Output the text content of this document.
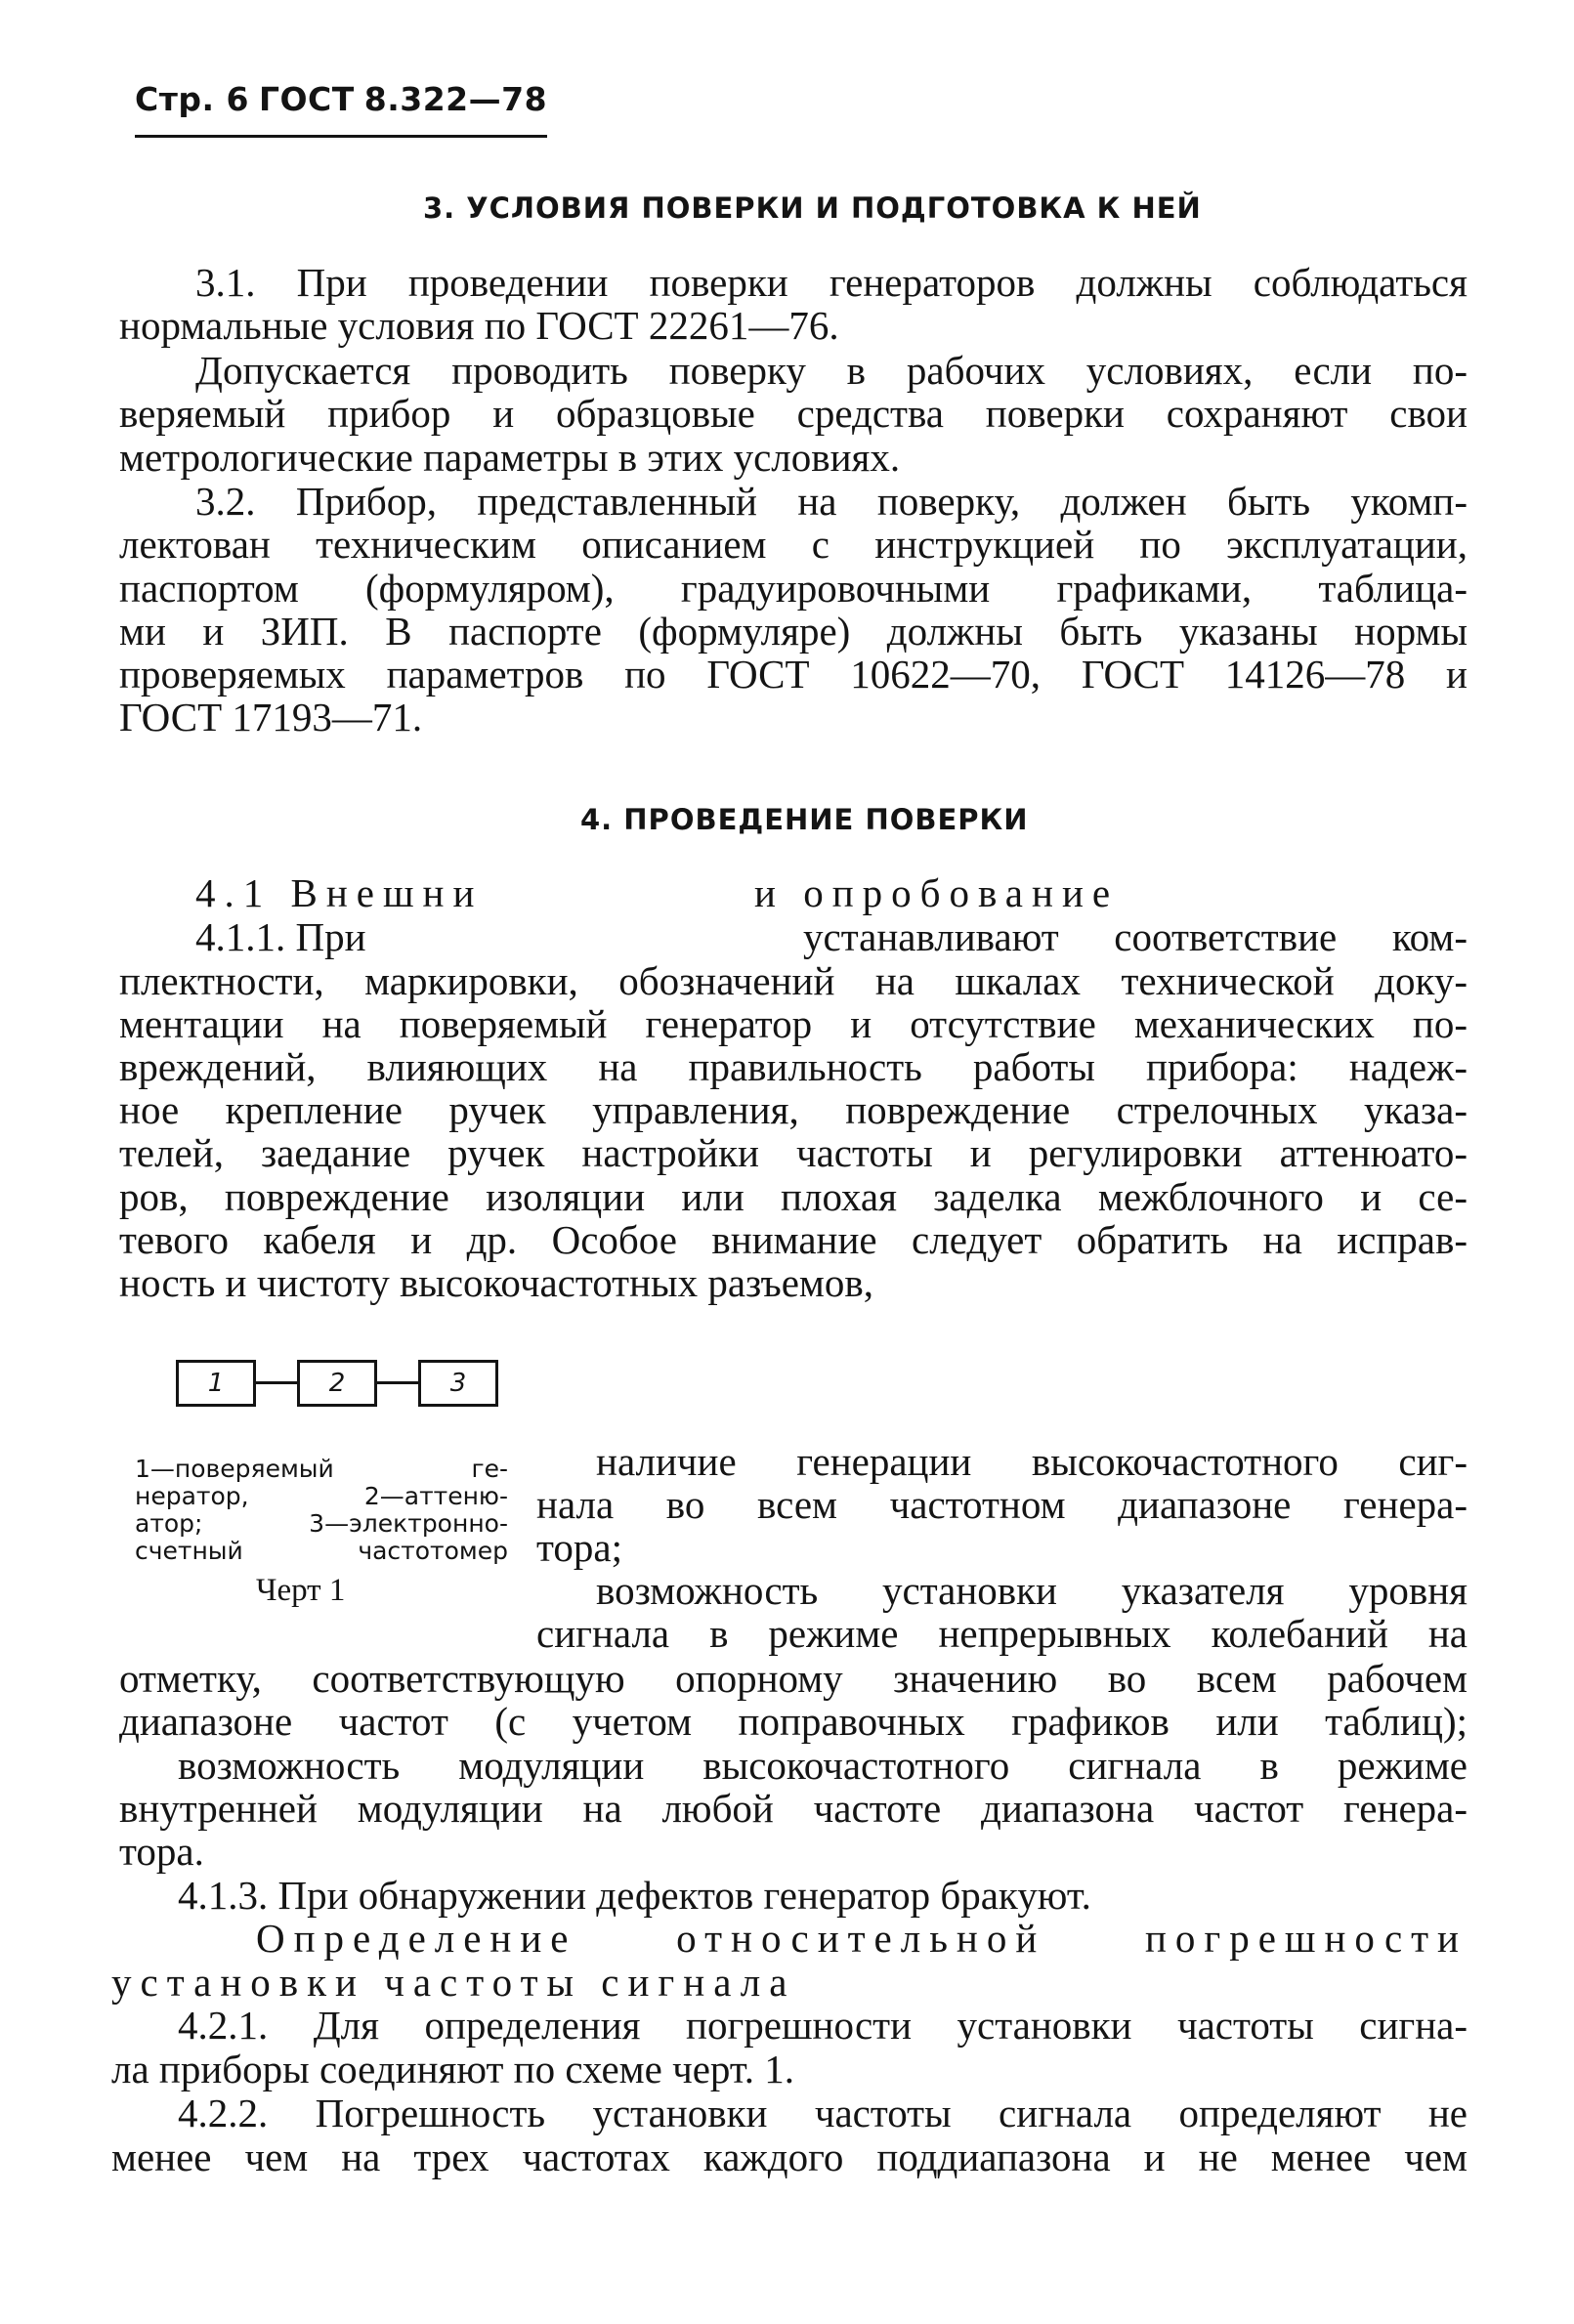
Стр. 6 ГОСТ 8.322—78
3. УСЛОВИЯ ПОВЕРКИ И ПОДГОТОВКА К НЕЙ
3.1. При проведении поверки генераторов должны соблюдаться
нормальные условия по ГОСТ 22261—76.
Допускается проводить поверку в рабочих условиях, если по-
веряемый прибор и образцовые средства поверки сохраняют свои
метрологические параметры в этих условиях.
3.2. Прибор, представленный на поверку, должен быть укомп-
лектован техническим описанием с инструкцией по эксплуатации,
паспортом (формуляром), градуировочными графиками, таблица-
ми и ЗИП. В паспорте (формуляре) должны быть указаны нормы
проверяемых параметров по ГОСТ 10622—70, ГОСТ 14126—78 и
ГОСТ 17193—71.
4. ПРОВЕДЕНИЕ ПОВЕРКИ
4.1 Внешни	и опробование
4.1.1. При	устанавливают соответствие ком-
плектности, маркировки, обозначений на шкалах технической доку-
ментации на поверяемый генератор и отсутствие механических по-
вреждений, влияющих на правильность работы прибора: надеж-
ное крепление ручек управления, повреждение стрелочных указа-
телей, заедание ручек настройки частоты и регулировки аттенюато-
ров, повреждение изоляции или плохая заделка межблочного и се-
тевого кабеля и др. Особое внимание следует обратить на исправ-
ность и чистоту высокочастотных разъемов,
1	2	3
1—поверяемый ге-
нератор, 2—аттеню-
атор; 3—электронно-
счетный частотомер
Черт 1
наличие генерации высокочастотного сиг-
нала во всем частотном диапазоне генера-
тора;
возможность установки указателя уровня
сигнала в режиме непрерывных колебаний на
отметку, соответствующую опорному значению во всем рабочем
диапазоне частот (с учетом поправочных графиков или таблиц);
возможность модуляции высокочастотного сигнала в режиме
внутренней модуляции на любой частоте диапазона частот генера-
тора.
4.1.3. При обнаружении дефектов генератор бракуют.
Определение относительной погрешности
установки частоты сигнала
4.2.1. Для определения погрешности установки частоты сигна-
ла приборы соединяют по схеме черт. 1.
4.2.2. Погрешность установки частоты сигнала определяют не
менее чем на трех частотах каждого поддиапазона и не менее чем
